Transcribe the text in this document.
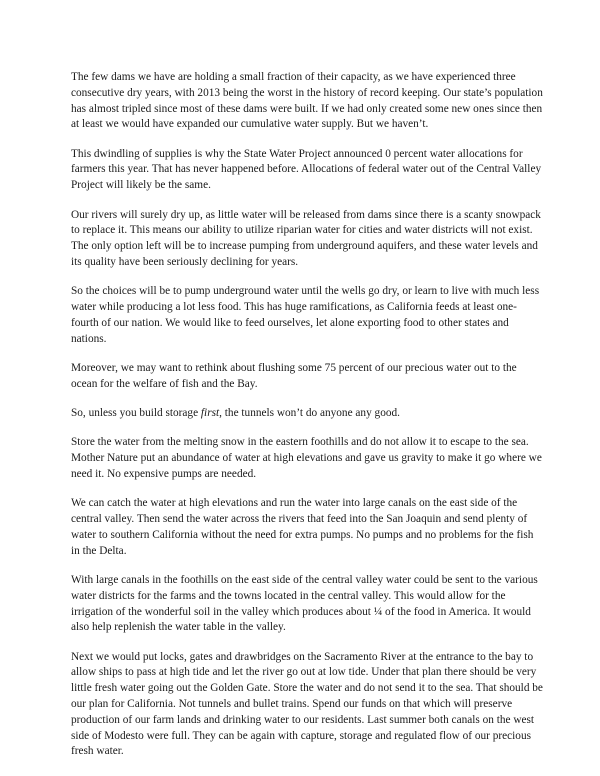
The few dams we have are holding a small fraction of their capacity, as we have experienced three consecutive dry years, with 2013 being the worst in the history of record keeping. Our state’s population has almost tripled since most of these dams were built. If we had only created some new ones since then at least we would have expanded our cumulative water supply. But we haven’t.

This dwindling of supplies is why the State Water Project announced 0 percent water allocations for farmers this year. That has never happened before. Allocations of federal water out of the Central Valley Project will likely be the same.

Our rivers will surely dry up, as little water will be released from dams since there is a scanty snowpack to replace it. This means our ability to utilize riparian water for cities and water districts will not exist. The only option left will be to increase pumping from underground aquifers, and these water levels and its quality have been seriously declining for years.

So the choices will be to pump underground water until the wells go dry, or learn to live with much less water while producing a lot less food. This has huge ramifications, as California feeds at least one-fourth of our nation. We would like to feed ourselves, let alone exporting food to other states and nations.

Moreover, we may want to rethink about flushing some 75 percent of our precious water out to the ocean for the welfare of fish and the Bay.

So, unless you build storage first, the tunnels won’t do anyone any good.

Store the water from the melting snow in the eastern foothills and do not allow it to escape to the sea. Mother Nature put an abundance of water at high elevations and gave us gravity to make it go where we need it. No expensive pumps are needed.

We can catch the water at high elevations and run the water into large canals on the east side of the central valley. Then send the water across the rivers that feed into the San Joaquin and send plenty of water to southern California without the need for extra pumps. No pumps and no problems for the fish in the Delta.

With large canals in the foothills on the east side of the central valley water could be sent to the various water districts for the farms and the towns located in the central valley. This would allow for the irrigation of the wonderful soil in the valley which produces about ¼ of the food in America. It would also help replenish the water table in the valley.

Next we would put locks, gates and drawbridges on the Sacramento River at the entrance to the bay to allow ships to pass at high tide and let the river go out at low tide. Under that plan there should be very little fresh water going out the Golden Gate. Store the water and do not send it to the sea. That should be our plan for California. Not tunnels and bullet trains. Spend our funds on that which will preserve production of our farm lands and drinking water to our residents. Last summer both canals on the west side of Modesto were full. They can be again with capture, storage and regulated flow of our precious fresh water.
